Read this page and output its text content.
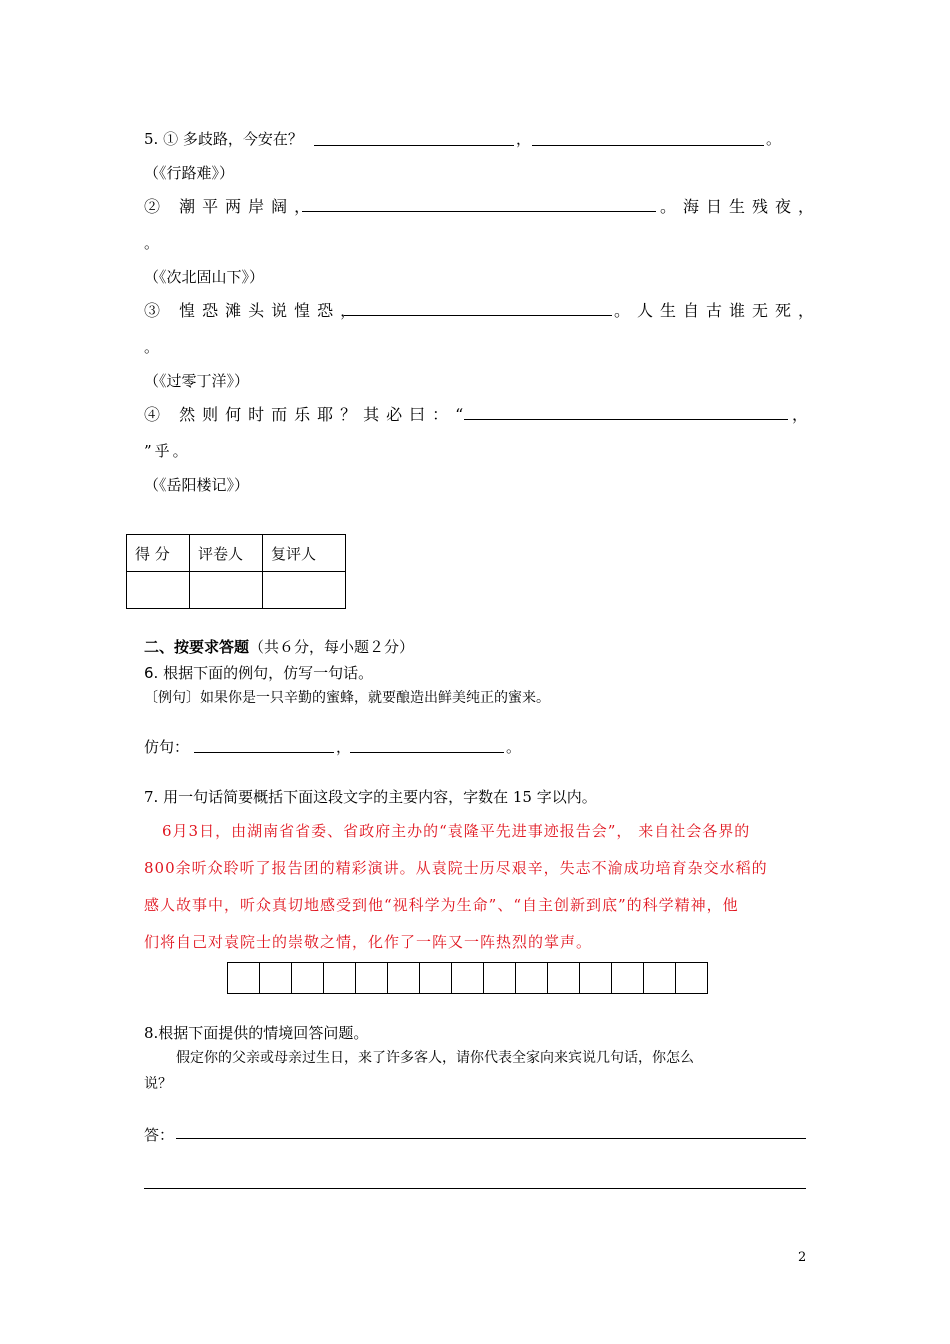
5. ① 多歧路，今安在？	，	。
（《行路难》）
② 潮平两岸阔，	。海日生残夜，
。
（《次北固山下》）
③ 惶恐滩头说惶恐，	。人生自古谁无死，
。
（《过零丁洋》）
④ 然则何时而乐耶？其必曰：“	，
”乎。
（《岳阳楼记》）
得 分	评卷人	复评人

二、按要求答题（共６分，每小题２分）
6. 根据下面的例句，仿写一句话。
〔例句〕如果你是一只辛勤的蜜蜂，就要酿造出鲜美纯正的蜜来。
仿句：	，	。
7. 用一句话简要概括下面这段文字的主要内容，字数在 15 字以内。
6月3日，由湖南省省委、省政府主办的“袁隆平先进事迹报告会”， 来自社会各界的
800余听众聆听了报告团的精彩演讲。从袁院士历尽艰辛，失志不渝成功培育杂交水稻的
感人故事中，听众真切地感受到他“视科学为生命”、“自主创新到底”的科学精神，他
们将自己对袁院士的崇敬之情，化作了一阵又一阵热烈的掌声。
8.根据下面提供的情境回答问题。
假定你的父亲或母亲过生日，来了许多客人，请你代表全家向来宾说几句话，你怎么
说？
答：
2
